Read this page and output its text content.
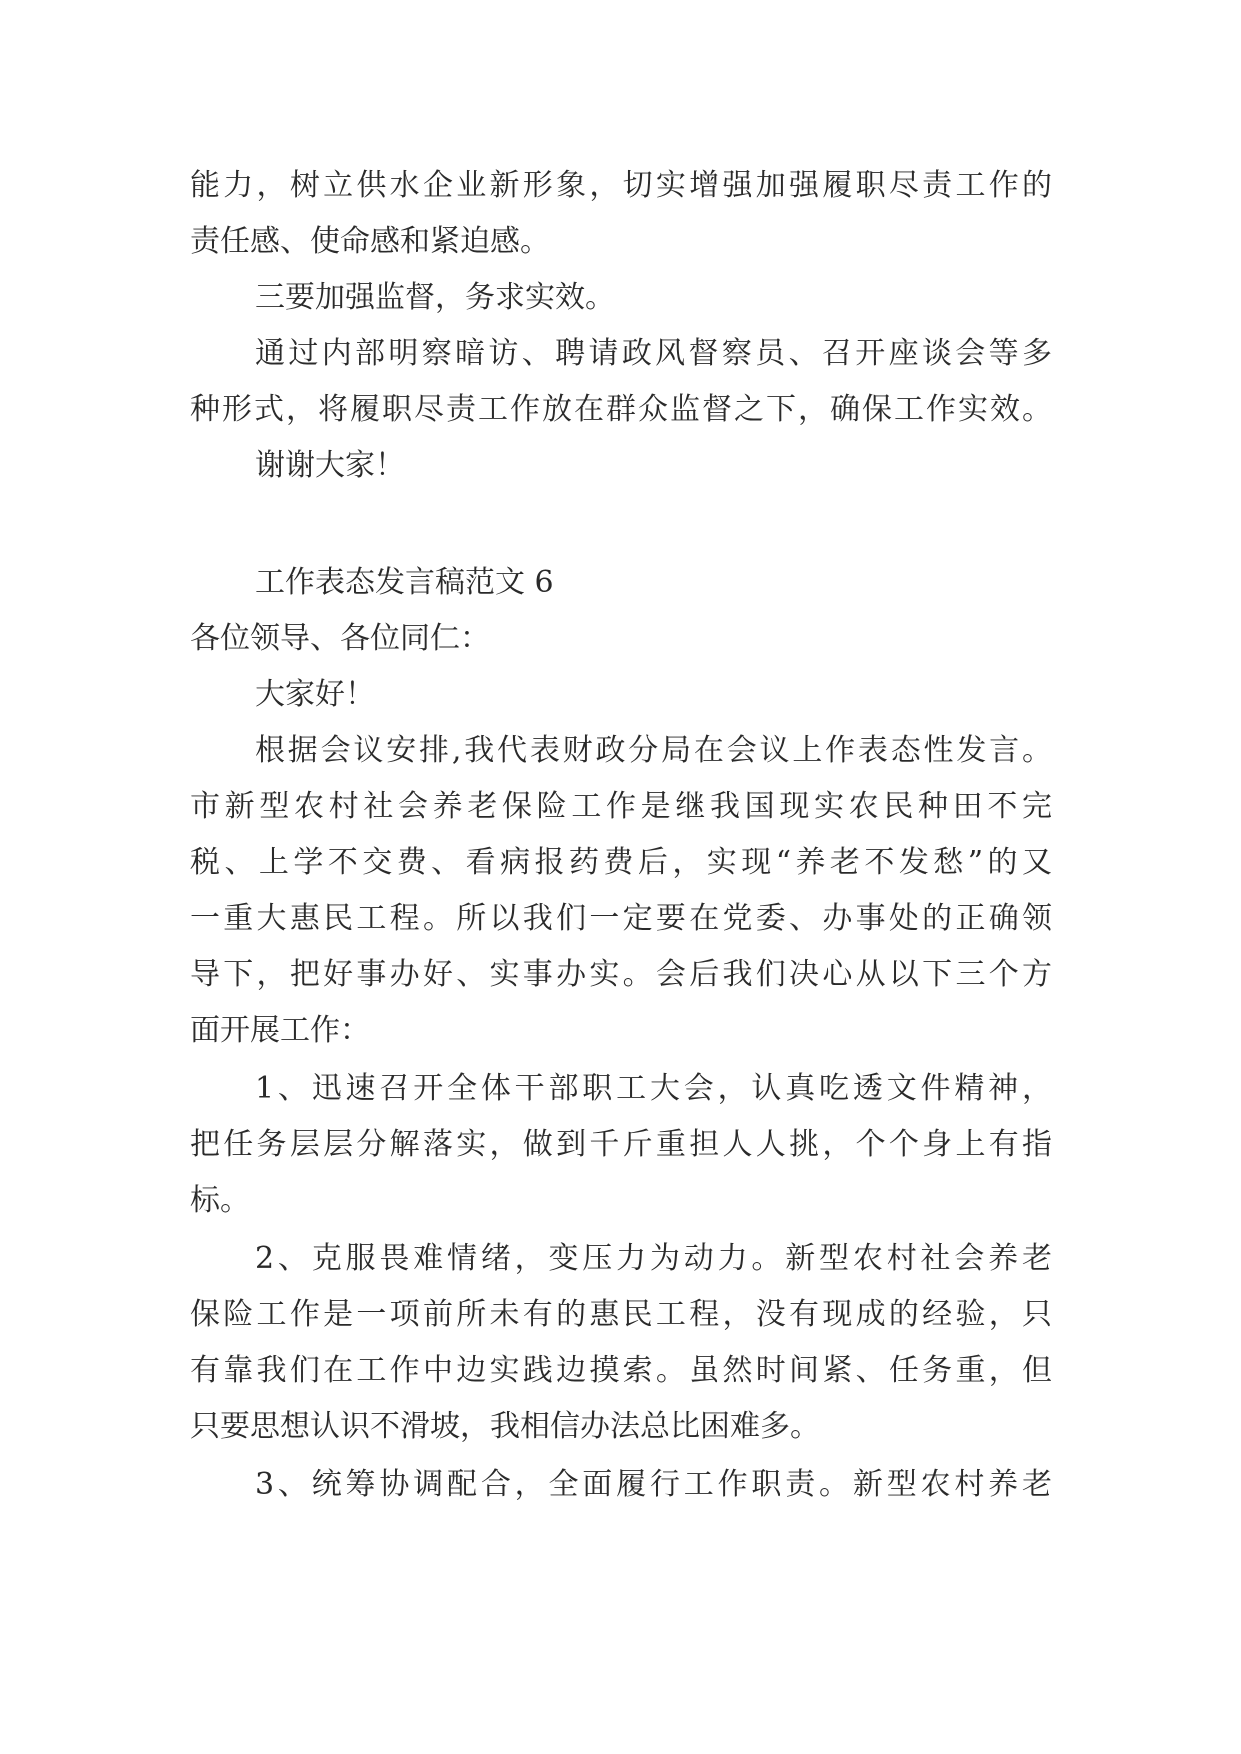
能力，树立供水企业新形象，切实增强加强履职尽责工作的
责任感、使命感和紧迫感。
三要加强监督，务求实效。
通过内部明察暗访、聘请政风督察员、召开座谈会等多
种形式，将履职尽责工作放在群众监督之下，确保工作实效。
谢谢大家！
工作表态发言稿范文 6
各位领导、各位同仁：
大家好！
根据会议安排,我代表财政分局在会议上作表态性发言。
市新型农村社会养老保险工作是继我国现实农民种田不完
税、上学不交费、看病报药费后，实现“养老不发愁”的又
一重大惠民工程。所以我们一定要在党委、办事处的正确领
导下，把好事办好、实事办实。会后我们决心从以下三个方
面开展工作：
1、迅速召开全体干部职工大会，认真吃透文件精神，
把任务层层分解落实，做到千斤重担人人挑，个个身上有指
标。
2、克服畏难情绪，变压力为动力。新型农村社会养老
保险工作是一项前所未有的惠民工程，没有现成的经验，只
有靠我们在工作中边实践边摸索。虽然时间紧、任务重，但
只要思想认识不滑坡，我相信办法总比困难多。
3、统筹协调配合，全面履行工作职责。新型农村养老
